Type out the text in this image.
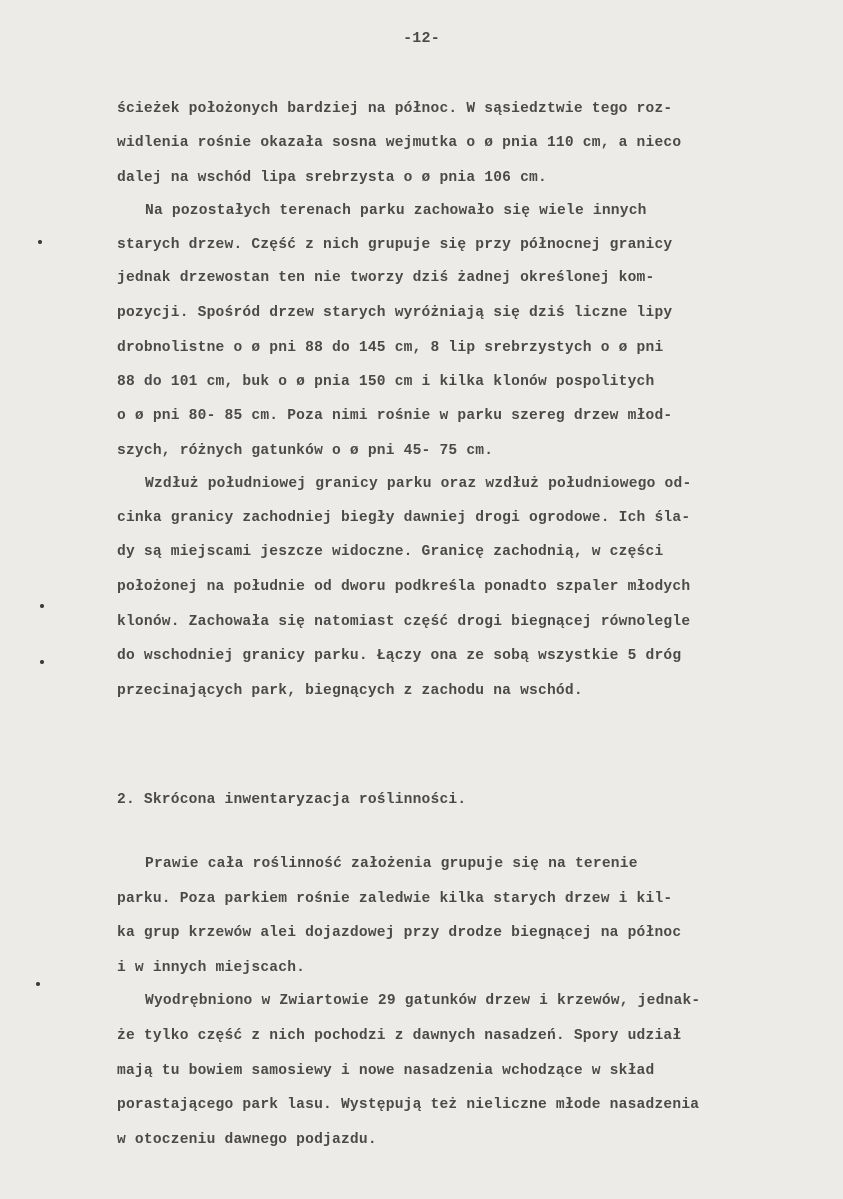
-12-
ścieżek położonych bardziej na północ. W sąsiedztwie tego roz-
widlenia rośnie okazała sosna wejmutka o ø pnia 110 cm, a nieco
dalej na wschód lipa srebrzysta o ø pnia 106 cm.
Na pozostałych terenach parku zachowało się wiele innych
starych drzew. Część z nich grupuje się przy północnej granicy
jednak drzewostan ten nie tworzy dziś żadnej określonej kom-
pozycji. Spośród drzew starych wyróżniają się dziś liczne lipy
drobnolistne o ø pni 88 do 145 cm, 8 lip srebrzystych o ø pni
88 do 101 cm, buk o ø pnia 150 cm i kilka klonów pospolitych
o ø pni 80- 85 cm. Poza nimi rośnie w parku szereg drzew młod-
szych, różnych gatunków o ø pni 45- 75 cm.
Wzdłuż południowej granicy parku oraz wzdłuż południowego od-
cinka granicy zachodniej biegły dawniej drogi ogrodowe. Ich śla-
dy są miejscami jeszcze widoczne. Granicę zachodnią, w części
położonej na południe od dworu podkreśla ponadto szpaler młodych
klonów. Zachowała się natomiast część drogi biegnącej równolegle
do wschodniej granicy parku. Łączy ona ze sobą wszystkie 5 dróg
przecinających park, biegnących z zachodu na wschód.
2. Skrócona inwentaryzacja roślinności.
Prawie cała roślinność założenia grupuje się na terenie
parku. Poza parkiem rośnie zaledwie kilka starych drzew i kil-
ka grup krzewów alei dojazdowej przy drodze biegnącej na północ
i w innych miejscach.
Wyodrębniono w Zwiartowie 29 gatunków drzew i krzewów, jednak-
że tylko część z nich pochodzi z dawnych nasadzeń. Spory udział
mają tu bowiem samosiewy i nowe nasadzenia wchodzące w skład
porastającego park lasu. Występują też nieliczne młode nasadzenia
w otoczeniu dawnego podjazdu.
